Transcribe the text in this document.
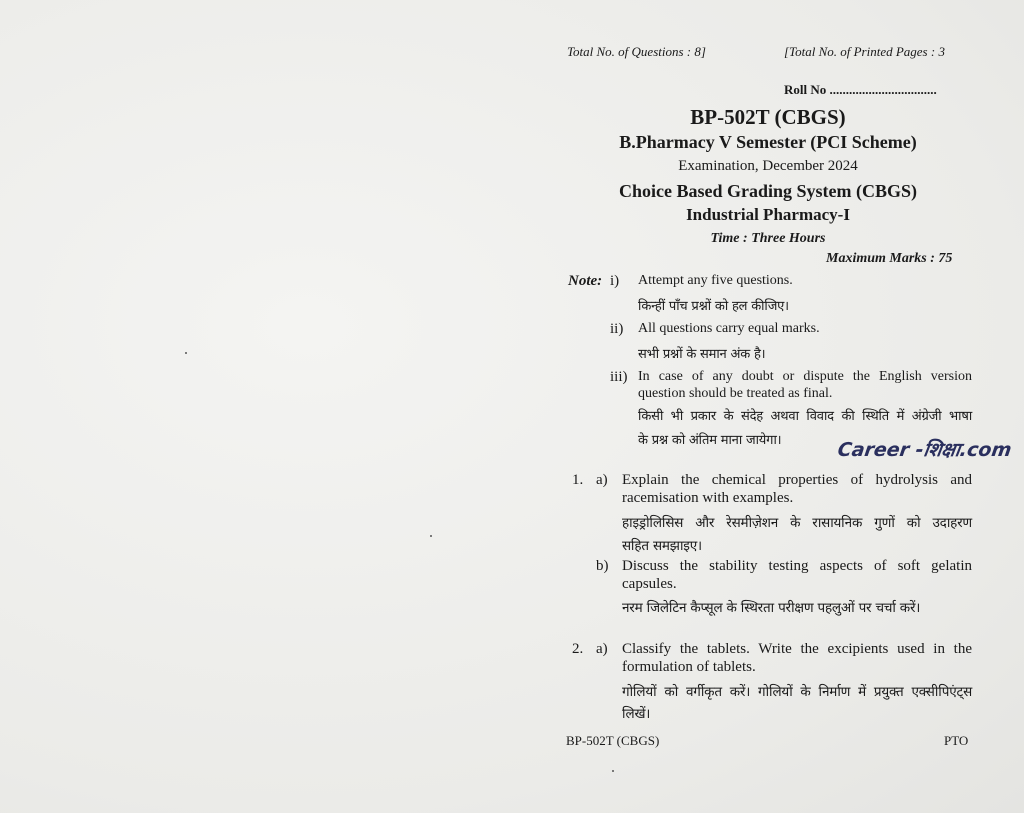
Total No. of Questions : 8]	[Total No. of Printed Pages : 3
Roll No .................................
BP-502T (CBGS)
B.Pharmacy V Semester (PCI Scheme)
Examination, December 2024
Choice Based Grading System (CBGS)
Industrial Pharmacy-I
Time : Three Hours
Maximum Marks : 75
Note: i) Attempt any five questions.
किन्हीं पाँच प्रश्नों को हल कीजिए।
ii) All questions carry equal marks.
सभी प्रश्नों के समान अंक है।
iii) In case of any doubt or dispute the English version
question should be treated as final.
किसी भी प्रकार के संदेह अथवा विवाद की स्थिति में अंग्रेजी भाषा
के प्रश्न को अंतिम माना जायेगा।	Career -शिक्षा.com
1. a) Explain the chemical properties of hydrolysis and
racemisation with examples.
हाइड्रोलिसिस और रेसमीज़ेशन के रासायनिक गुणों को उदाहरण
सहित समझाइए।
b) Discuss the stability testing aspects of soft gelatin
capsules.
नरम जिलेटिन कैप्सूल के स्थिरता परीक्षण पहलुओं पर चर्चा करें।
2. a) Classify the tablets. Write the excipients used in the
formulation of tablets.
गोलियों को वर्गीकृत करें। गोलियों के निर्माण में प्रयुक्त एक्सीपिएंट्स
लिखें।
BP-502T (CBGS)	PTO
